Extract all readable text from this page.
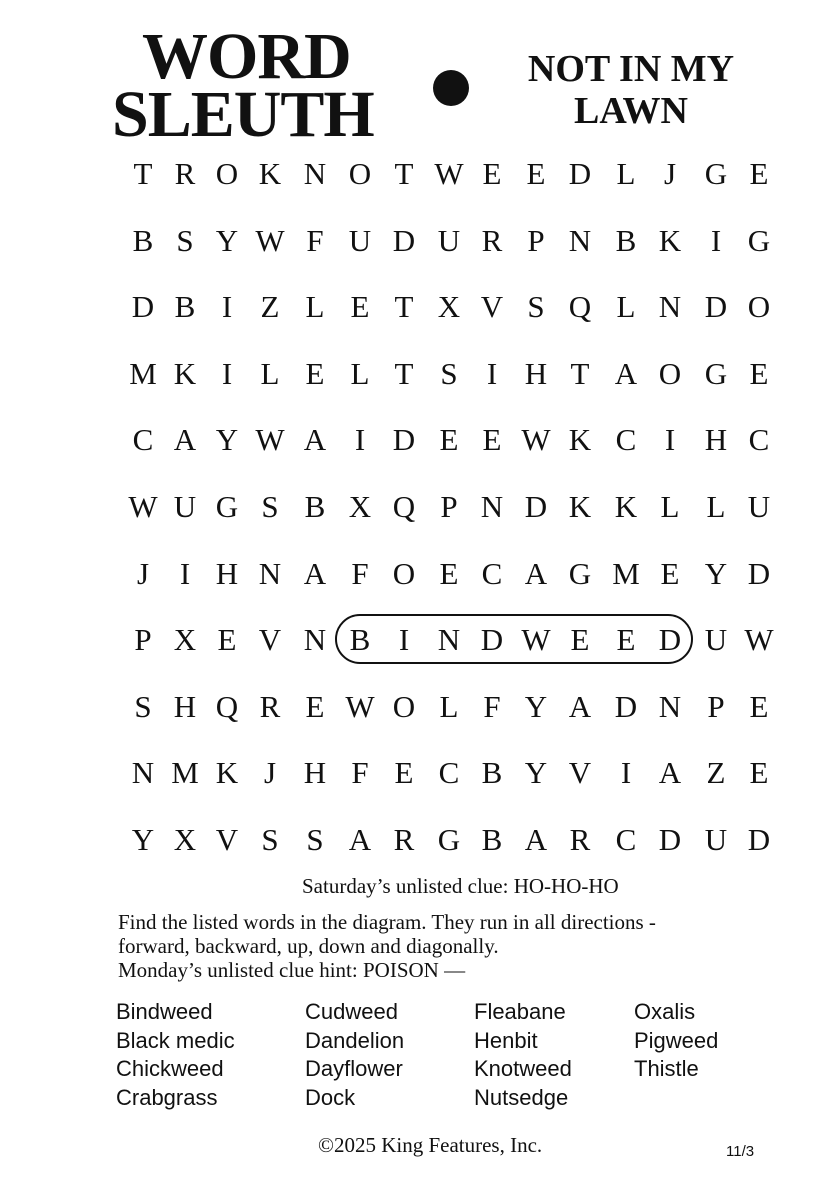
WORD
SLEUTH
NOT IN MY
LAWN
T R O K N O T W E E D L J G E
B S Y W F U D U R P N B K I G
D B I Z L E T X V S Q L N D O
M K I L E L T S I H T A O G E
C A Y W A I D E E W K C I H C
W U G S B X Q P N D K K L L U
J I H N A F O E C A G M E Y D
P X E V N B I N D W E E D U W
S H Q R E W O L F Y A D N P E
N M K J H F E C B Y V I A Z E
Y X V S S A R G B A R C D U D
Saturday’s unlisted clue: HO-HO-HO
Find the listed words in the diagram. They run in all directions -
forward, backward, up, down and diagonally.
Monday’s unlisted clue hint: POISON —
Bindweed
Black medic
Chickweed
Crabgrass
Cudweed
Dandelion
Dayflower
Dock
Fleabane
Henbit
Knotweed
Nutsedge
Oxalis
Pigweed
Thistle
©2025 King Features, Inc.	11/3
